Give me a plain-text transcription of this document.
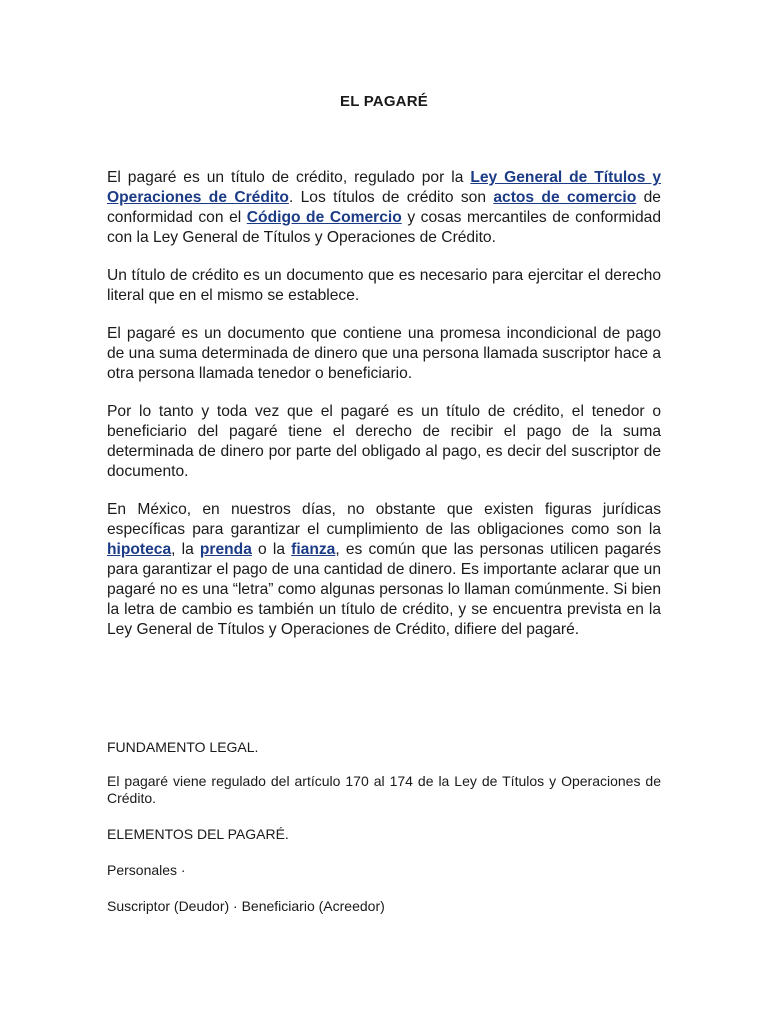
EL PAGARÉ

El pagaré es un título de crédito, regulado por la Ley General de Títulos y Operaciones de Crédito. Los títulos de crédito son actos de comercio de conformidad con el Código de Comercio y cosas mercantiles de conformidad con la Ley General de Títulos y Operaciones de Crédito.

Un título de crédito es un documento que es necesario para ejercitar el derecho literal que en el mismo se establece.

El pagaré es un documento que contiene una promesa incondicional de pago de una suma determinada de dinero que una persona llamada suscriptor hace a otra persona llamada tenedor o beneficiario.

Por lo tanto y toda vez que el pagaré es un título de crédito, el tenedor o beneficiario del pagaré tiene el derecho de recibir el pago de la suma determinada de dinero por parte del obligado al pago, es decir del suscriptor de documento.

En México, en nuestros días, no obstante que existen figuras jurídicas específicas para garantizar el cumplimiento de las obligaciones como son la hipoteca, la prenda o la fianza, es común que las personas utilicen pagarés para garantizar el pago de una cantidad de dinero. Es importante aclarar que un pagaré no es una “letra” como algunas personas lo llaman comúnmente. Si bien la letra de cambio es también un título de crédito, y se encuentra prevista en la Ley General de Títulos y Operaciones de Crédito, difiere del pagaré.

FUNDAMENTO LEGAL.

El pagaré viene regulado del artículo 170 al 174 de la Ley de Títulos y Operaciones de Crédito.

ELEMENTOS DEL PAGARÉ.

Personales ·

Suscriptor (Deudor) · Beneficiario (Acreedor)
